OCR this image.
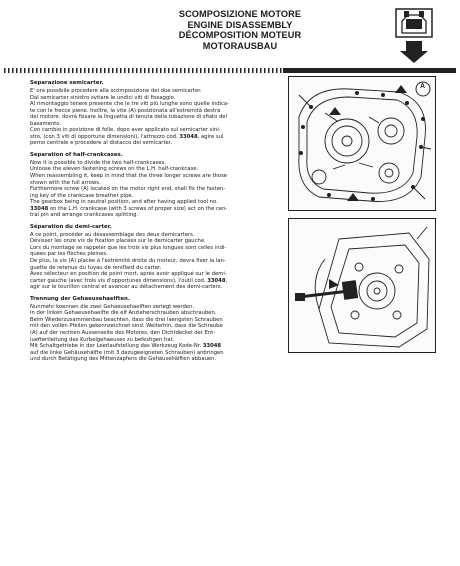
SCOMPOSIZIONE MOTORE
ENGINE DISASSEMBLY
DÉCOMPOSITION MOTEUR
MOTORAUSBAU
Separazione semicarter.
E' ora possibile procedere alla scomposizione dei due semicarter.
Dal semicarter sinistro svitare le undici viti di fissaggio.
Al rimontaggio tenere presente che le tre viti più lunghe sono quelle indica-
te con le frecce piene. Inoltre, la vite (A) posizionata all'estremità destra
del motore, dovrà fissare la linguetta di tenuta della tubazione di sfiato del
basamento.
Con cambio in posizione di folle, dopo aver applicato sul semicarter sini-
stro, (con 3 viti di opportune dimensioni), l'attrezzo cod. 33048, agire sul
perno centrale e procedere al distacco dei semicarter.
Separation of half-crankcases.
Now it is possible to divide the two half-crankcases.
Unloose the eleven fastening screws on the L.H. half-crankcase.
When reassembling it, keep in mind that the three longer screws are those
shown with the full arrows.
Furthermore screw (A) located on the motor right end, shall fix the fasten-
ing key of the crankcase breather pipe.
The gearbox being in neutral position, and after having applied tool no.
33048 on the L.H. crankcase (with 3 screws of proper size) act on the cen-
tral pin and arrange crankcases splitting.
Séparation du demi-carter.
A ce point, procéder au désassemblage des deux demicarters.
Dévisser les onze vis de fixation placées sur le demicarter gauche.
Lors du montage se rappeler que les trois vis plus longues sont celles indi-
quées par les flèches pleines.
De plus, la vis (A) placée à l'extrémité droite du moteur, devra fixer la lan-
guette de retenue du tuyau de reniflard du carter.
Avec sélecteur en position de point mort, après avoir appliqué sur le demi-
carter gauche (avec trois vis d'opportunes dimensions), l'outil cod. 33048,
agir sur le tourillon central et avancer au détachement des demi-carters.
Trennung der Gehaeusehaelften.
Nunmehr koennen die zwei Gehaeusehaelften zerlegt werden.
In der linken Gehaeusehaelfte die elf Anzieherschrauben abschrauben.
Beim Wiederzusammenbau beachten, dass die drei laengsten Schrauben
mit den vollen Pfeilen gekennzeichnet sind. Weiterhin, dass die Schraube
(A) auf der rechten Aussenseite des Motores, den Dichtdeckel der Ent-
lueftertleitung des Kurbelgehaeuses zu befestigen hat.
Mit Schaltgetriebe in der Leerlaufstellung das Werkzeug Kode-Nr. 33048
auf die linke Gehäusehälfte (mit 3 dazugeeigneten Schrauben) anbringen
und durch Betätigung des Mittenzapfens die Gehäusehälften abbauen.
A
